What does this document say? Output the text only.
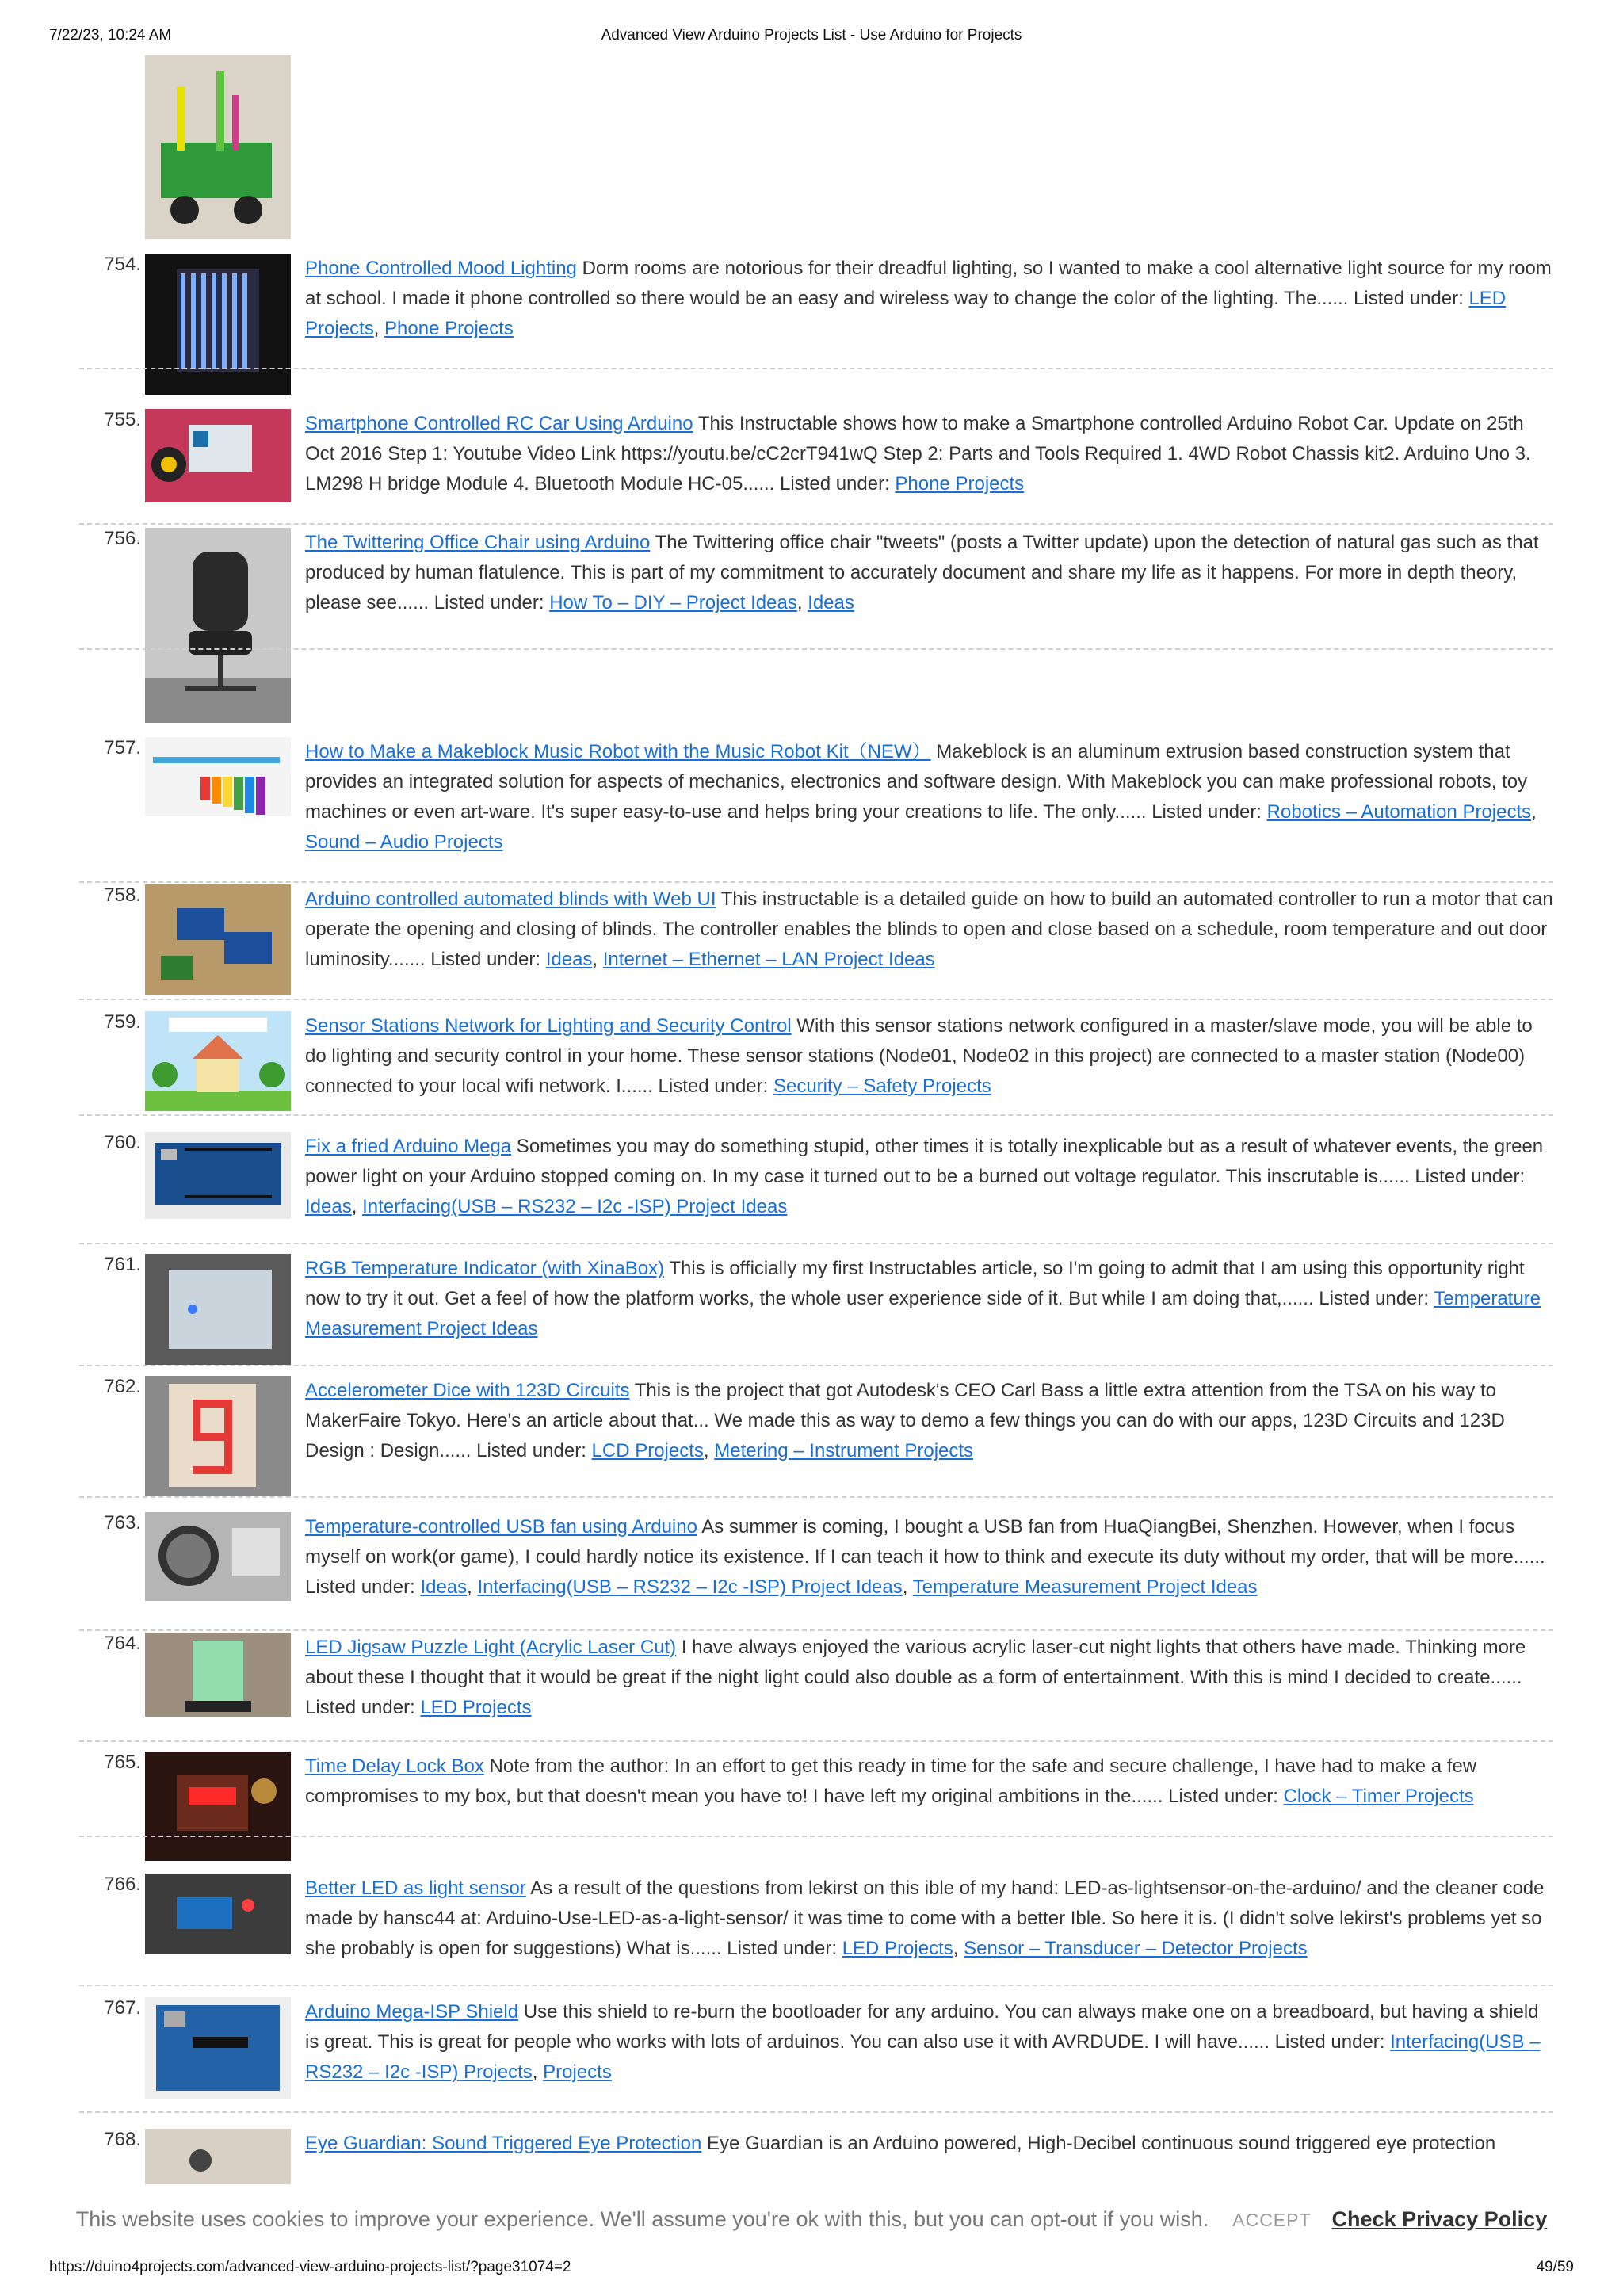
7/22/23, 10:24 AM	Advanced View Arduino Projects List - Use Arduino for Projects
754.	Phone Controlled Mood Lighting Dorm rooms are notorious for their dreadful lighting, so I wanted to make a cool alternative light source for my room at school. I made it phone controlled so there would be an easy and wireless way to change the color of the lighting. The...... Listed under: LED Projects, Phone Projects
755.	Smartphone Controlled RC Car Using Arduino This Instructable shows how to make a Smartphone controlled Arduino Robot Car. Update on 25th Oct 2016 Step 1: Youtube Video Link https://youtu.be/cC2crT941wQ Step 2: Parts and Tools Required 1. 4WD Robot Chassis kit2. Arduino Uno 3. LM298 H bridge Module 4. Bluetooth Module HC-05...... Listed under: Phone Projects
756.	The Twittering Office Chair using Arduino The Twittering office chair "tweets" (posts a Twitter update) upon the detection of natural gas such as that produced by human flatulence. This is part of my commitment to accurately document and share my life as it happens. For more in depth theory, please see...... Listed under: How To – DIY – Project Ideas, Ideas
757.	How to Make a Makeblock Music Robot with the Music Robot Kit（NEW） Makeblock is an aluminum extrusion based construction system that provides an integrated solution for aspects of mechanics, electronics and software design. With Makeblock you can make professional robots, toy machines or even art-ware. It's super easy-to-use and helps bring your creations to life. The only...... Listed under: Robotics – Automation Projects, Sound – Audio Projects
758.	Arduino controlled automated blinds with Web UI This instructable is a detailed guide on how to build an automated controller to run a motor that can operate the opening and closing of blinds. The controller enables the blinds to open and close based on a schedule, room temperature and out door luminosity....... Listed under: Ideas, Internet – Ethernet – LAN Project Ideas
759.	Sensor Stations Network for Lighting and Security Control With this sensor stations network configured in a master/slave mode, you will be able to do lighting and security control in your home. These sensor stations (Node01, Node02 in this project) are connected to a master station (Node00) connected to your local wifi network. I...... Listed under: Security – Safety Projects
760.	Fix a fried Arduino Mega Sometimes you may do something stupid, other times it is totally inexplicable but as a result of whatever events, the green power light on your Arduino stopped coming on. In my case it turned out to be a burned out voltage regulator. This inscrutable is...... Listed under: Ideas, Interfacing(USB – RS232 – I2c -ISP) Project Ideas
761.	RGB Temperature Indicator (with XinaBox) This is officially my first Instructables article, so I'm going to admit that I am using this opportunity right now to try it out. Get a feel of how the platform works, the whole user experience side of it. But while I am doing that,...... Listed under: Temperature Measurement Project Ideas
762.	Accelerometer Dice with 123D Circuits This is the project that got Autodesk's CEO Carl Bass a little extra attention from the TSA on his way to MakerFaire Tokyo. Here's an article about that... We made this as way to demo a few things you can do with our apps, 123D Circuits and 123D Design : Design...... Listed under: LCD Projects, Metering – Instrument Projects
763.	Temperature-controlled USB fan using Arduino As summer is coming, I bought a USB fan from HuaQiangBei, Shenzhen. However, when I focus myself on work(or game), I could hardly notice its existence. If I can teach it how to think and execute its duty without my order, that will be more...... Listed under: Ideas, Interfacing(USB – RS232 – I2c -ISP) Project Ideas, Temperature Measurement Project Ideas
764.	LED Jigsaw Puzzle Light (Acrylic Laser Cut) I have always enjoyed the various acrylic laser-cut night lights that others have made. Thinking more about these I thought that it would be great if the night light could also double as a form of entertainment. With this is mind I decided to create...... Listed under: LED Projects
765.	Time Delay Lock Box Note from the author: In an effort to get this ready in time for the safe and secure challenge, I have had to make a few compromises to my box, but that doesn't mean you have to! I have left my original ambitions in the...... Listed under: Clock – Timer Projects
766.	Better LED as light sensor As a result of the questions from lekirst on this ible of my hand: LED-as-lightsensor-on-the-arduino/ and the cleaner code made by hansc44 at: Arduino-Use-LED-as-a-light-sensor/ it was time to come with a better Ible. So here it is. (I didn't solve lekirst's problems yet so she probably is open for suggestions) What is...... Listed under: LED Projects, Sensor – Transducer – Detector Projects
767.	Arduino Mega-ISP Shield Use this shield to re-burn the bootloader for any arduino. You can always make one on a breadboard, but having a shield is great. This is great for people who works with lots of arduinos. You can also use it with AVRDUDE. I will have...... Listed under: Interfacing(USB – RS232 – I2c -ISP) Projects, Projects
768.	Eye Guardian: Sound Triggered Eye Protection Eye Guardian is an Arduino powered, High-Decibel continuous sound triggered eye protection
This website uses cookies to improve your experience. We'll assume you're ok with this, but you can opt-out if you wish. ACCEPT Check Privacy Policy
https://duino4projects.com/advanced-view-arduino-projects-list/?page31074=2	49/59
